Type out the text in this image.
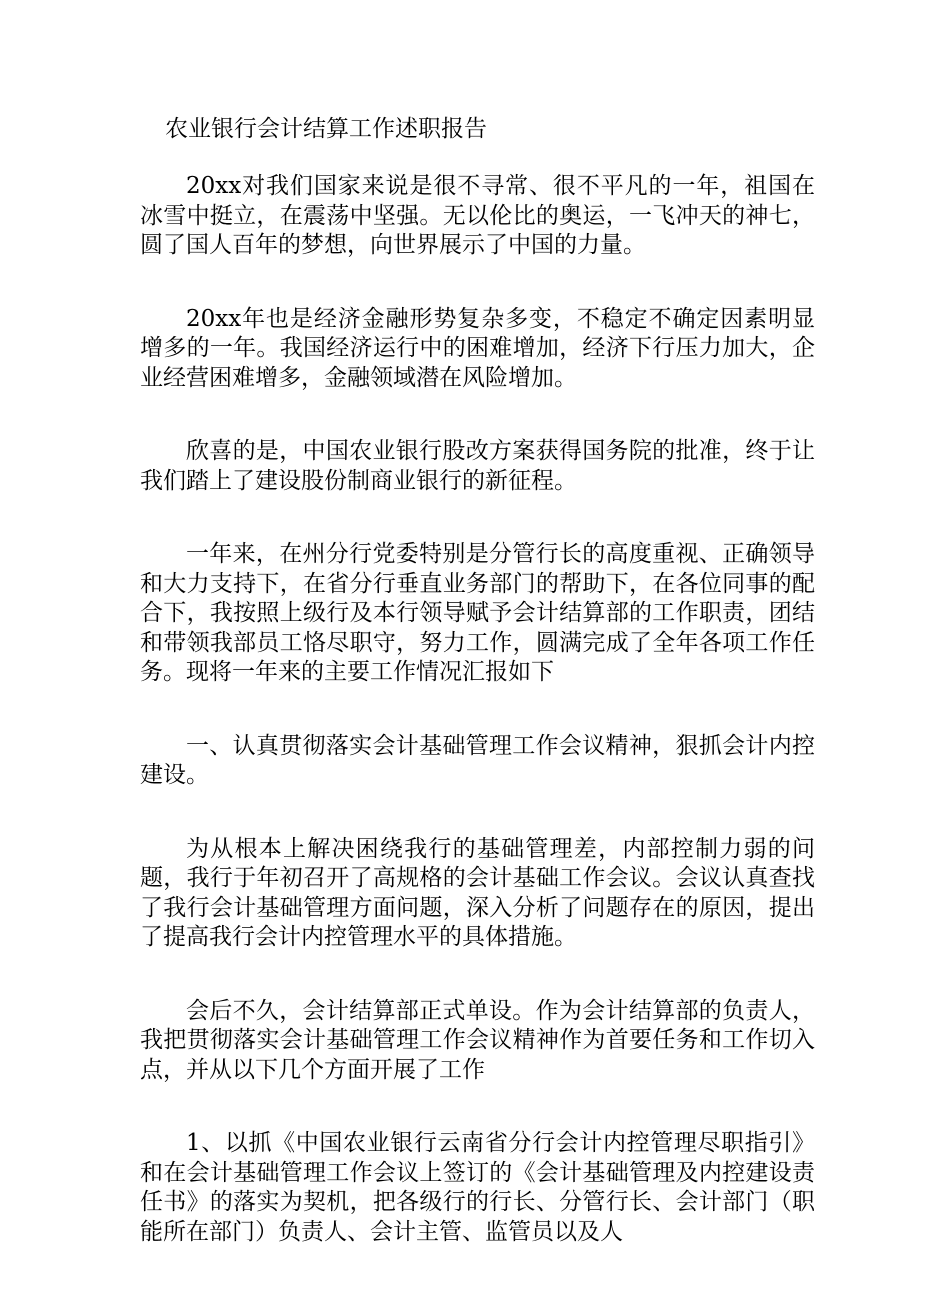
农业银行会计结算工作述职报告

20xx对我们国家来说是很不寻常、很不平凡的一年，祖国在冰雪中挺立，在震荡中坚强。无以伦比的奥运，一飞冲天的神七，圆了国人百年的梦想，向世界展示了中国的力量。

20xx年也是经济金融形势复杂多变，不稳定不确定因素明显增多的一年。我国经济运行中的困难增加，经济下行压力加大，企业经营困难增多，金融领域潜在风险增加。

欣喜的是，中国农业银行股改方案获得国务院的批准，终于让我们踏上了建设股份制商业银行的新征程。

一年来，在州分行党委特别是分管行长的高度重视、正确领导和大力支持下，在省分行垂直业务部门的帮助下，在各位同事的配合下，我按照上级行及本行领导赋予会计结算部的工作职责，团结和带领我部员工恪尽职守，努力工作，圆满完成了全年各项工作任务。现将一年来的主要工作情况汇报如下

一、认真贯彻落实会计基础管理工作会议精神，狠抓会计内控建设。

为从根本上解决困绕我行的基础管理差，内部控制力弱的问题，我行于年初召开了高规格的会计基础工作会议。会议认真查找了我行会计基础管理方面问题，深入分析了问题存在的原因，提出了提高我行会计内控管理水平的具体措施。

会后不久，会计结算部正式单设。作为会计结算部的负责人，我把贯彻落实会计基础管理工作会议精神作为首要任务和工作切入点，并从以下几个方面开展了工作

1、以抓《中国农业银行云南省分行会计内控管理尽职指引》和在会计基础管理工作会议上签订的《会计基础管理及内控建设责任书》的落实为契机，把各级行的行长、分管行长、会计部门（职能所在部门）负责人、会计主管、监管员以及人
